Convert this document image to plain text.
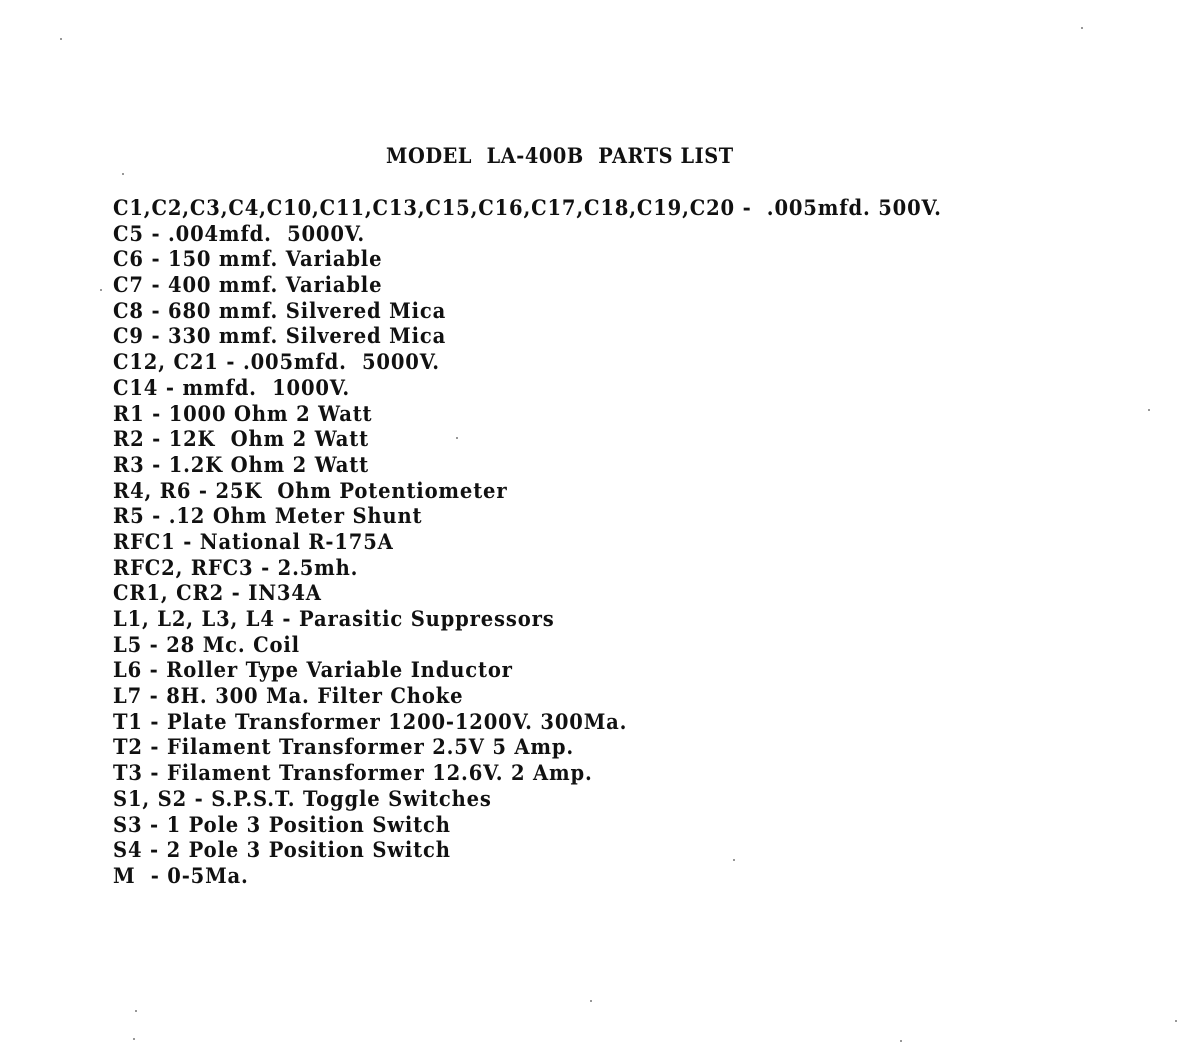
MODEL  LA-400B  PARTS LIST
C1,C2,C3,C4,C10,C11,C13,C15,C16,C17,C18,C19,C20 -  .005mfd. 500V.
C5 - .004mfd.  5000V.
C6 - 150 mmf. Variable
C7 - 400 mmf. Variable
C8 - 680 mmf. Silvered Mica
C9 - 330 mmf. Silvered Mica
C12, C21 - .005mfd.  5000V.
C14 - mmfd.  1000V.
R1 - 1000 Ohm 2 Watt
R2 - 12K  Ohm 2 Watt
R3 - 1.2K Ohm 2 Watt
R4, R6 - 25K  Ohm Potentiometer
R5 - .12 Ohm Meter Shunt
RFC1 - National R-175A
RFC2, RFC3 - 2.5mh.
CR1, CR2 - IN34A
L1, L2, L3, L4 - Parasitic Suppressors
L5 - 28 Mc. Coil
L6 - Roller Type Variable Inductor
L7 - 8H. 300 Ma. Filter Choke
T1 - Plate Transformer 1200-1200V. 300Ma.
T2 - Filament Transformer 2.5V 5 Amp.
T3 - Filament Transformer 12.6V. 2 Amp.
S1, S2 - S.P.S.T. Toggle Switches
S3 - 1 Pole 3 Position Switch
S4 - 2 Pole 3 Position Switch
M  - 0-5Ma.
